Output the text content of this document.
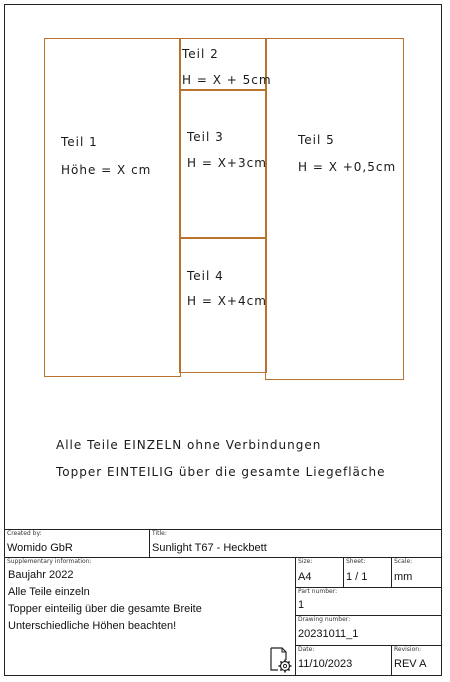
Teil 1
Höhe = X cm
Teil 2
H = X + 5cm
Teil 3
H = X+3cm
Teil 4
H = X+4cm
Teil 5
H = X +0,5cm
Alle Teile EINZELN ohne Verbindungen
Topper EINTEILIG über die gesamte Liegefläche
Created by:
Womido GbR
Title:
Sunlight T67 - Heckbett
Supplementary information:
Baujahr 2022
Alle Teile einzeln
Topper einteilig über die gesamte Breite
Unterschiedliche Höhen beachten!
Size:
A4
Sheet:
1 / 1
Scale:
mm
Part number:
1
Drawing number:
20231011_1
Date:
11/10/2023
Revision:
REV A
